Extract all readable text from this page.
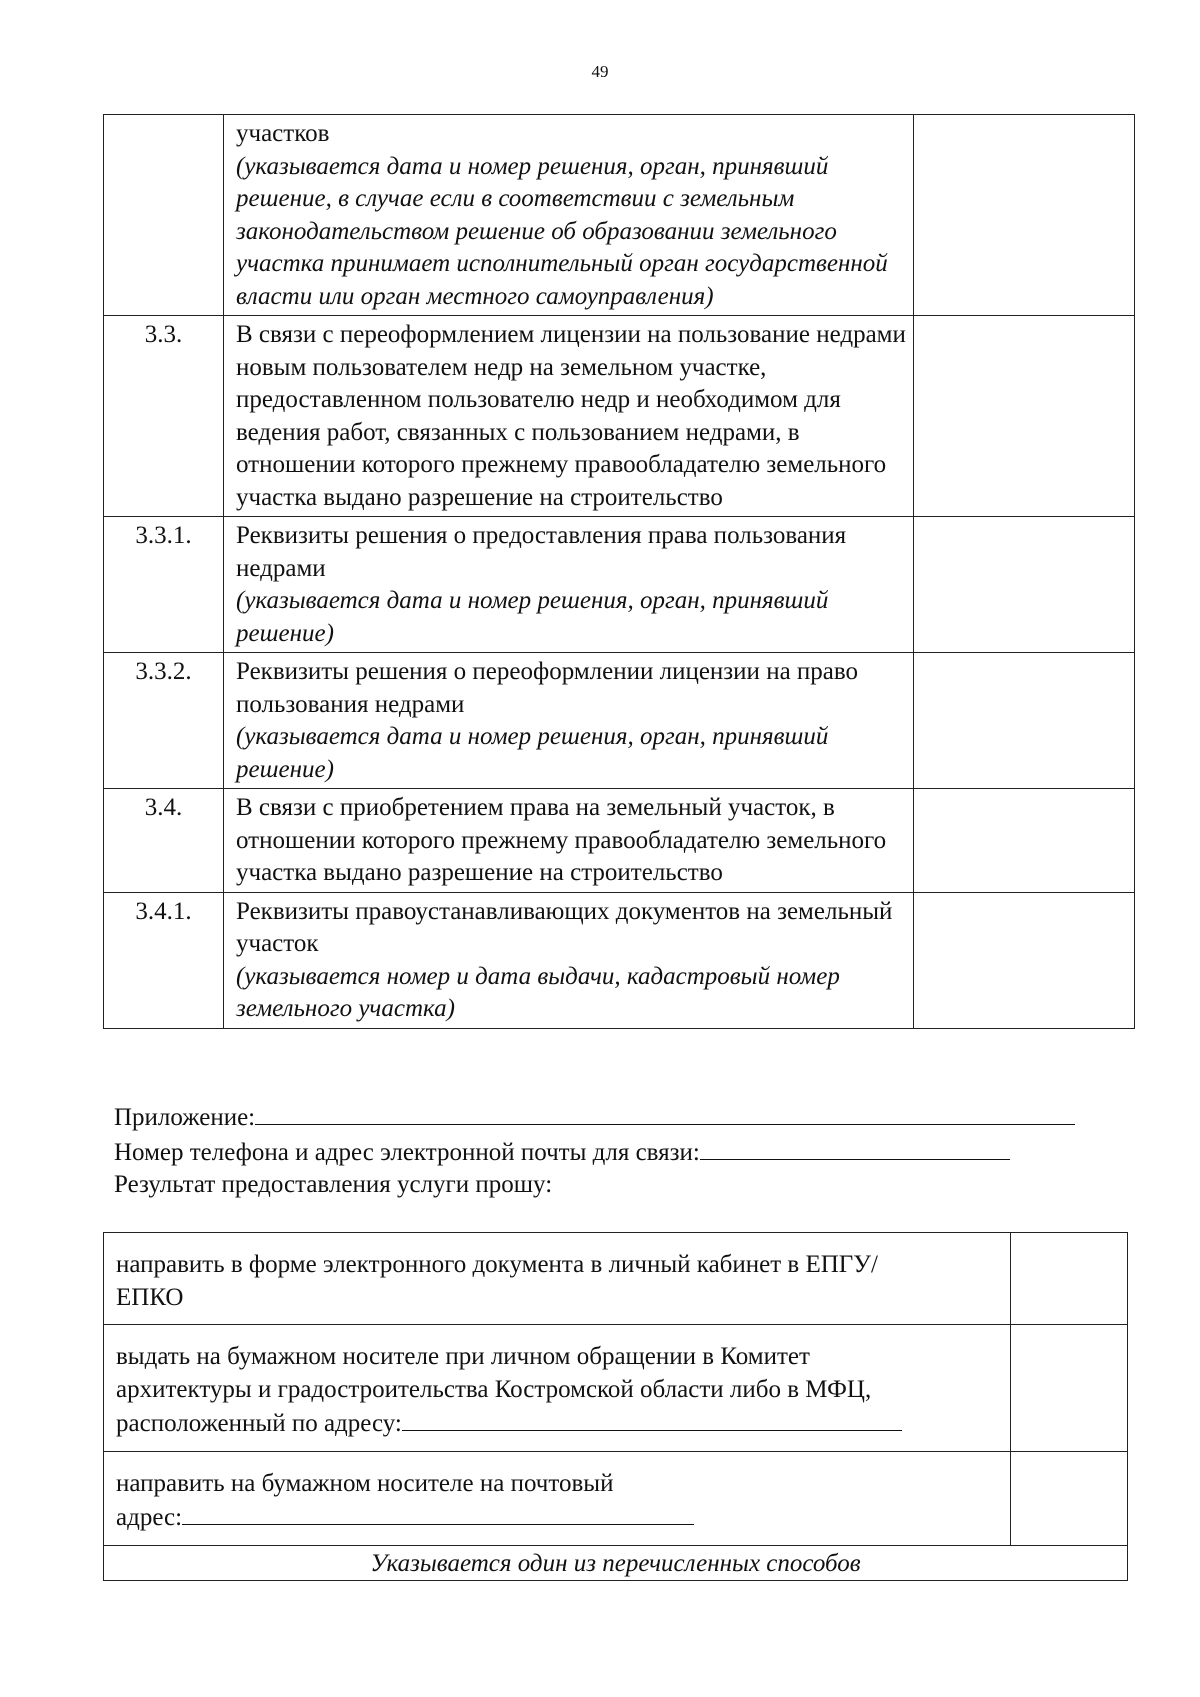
49

	участков
(указывается дата и номер решения, орган, принявший решение, в случае если в соответствии с земельным законодательством решение об образовании земельного участка принимает исполнительный орган государственной власти или орган местного самоуправления)	

3.3.	В связи с переоформлением лицензии на пользование недрами новым пользователем недр на земельном участке, предоставленном пользователю недр и необходимом для ведения работ, связанных с пользованием недрами, в отношении которого прежнему правообладателю земельного участка выдано разрешение на строительство	

3.3.1.	Реквизиты решения о предоставления права пользования недрами
(указывается дата и номер решения, орган, принявший решение)	

3.3.2.	Реквизиты решения о переоформлении лицензии на право пользования недрами
(указывается дата и номер решения, орган, принявший решение)	

3.4.	В связи с приобретением права на земельный участок, в отношении которого прежнему правообладателю земельного участка выдано разрешение на строительство	

3.4.1.	Реквизиты правоустанавливающих документов на земельный участок
(указывается номер и дата выдачи, кадастровый номер земельного участка)	

Приложение:
Номер телефона и адрес электронной почты для связи:
Результат предоставления услуги прошу:
направить в форме электронного документа в личный кабинет в ЕПГУ/
ЕПКО	

выдать на бумажном носителе при личном обращении в Комитет
архитектуры и градостроительства Костромской области либо в МФЦ,
расположенный по адресу:	

направить на бумажном носителе на почтовый
адрес:	

Указывается один из перечисленных способов	
